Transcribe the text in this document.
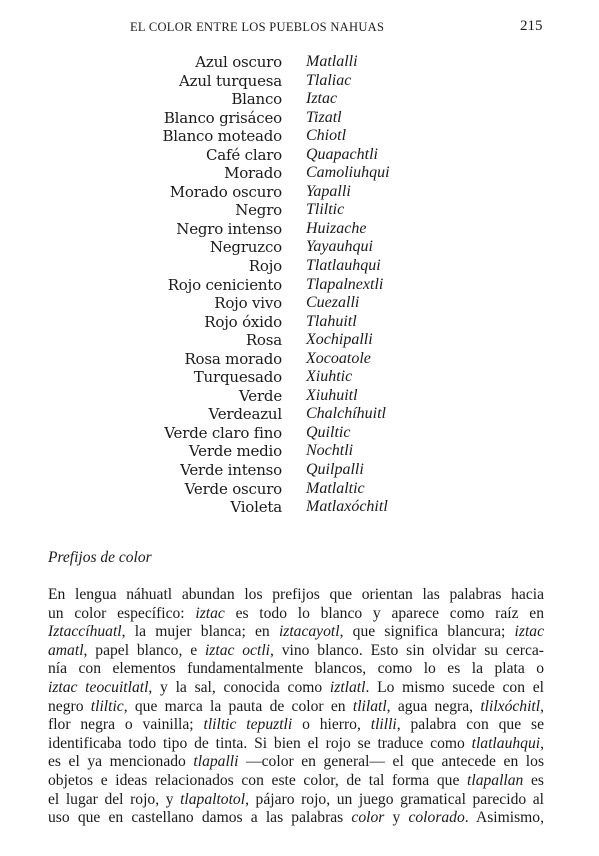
EL COLOR ENTRE LOS PUEBLOS NAHUAS	215
Azul oscuro Matlalli
Azul turquesa Tlaliac
Blanco Iztac
Blanco grisáceo Tizatl
Blanco moteado Chiotl
Café claro Quapachtli
Morado Camoliuhqui
Morado oscuro Yapalli
Negro Tliltic
Negro intenso Huizache
Negruzco Yayauhqui
Rojo Tlatlauhqui
Rojo ceniciento Tlapalnextli
Rojo vivo Cuezalli
Rojo óxido Tlahuitl
Rosa Xochipalli
Rosa morado Xocoatole
Turquesado Xiuhtic
Verde Xiuhuitl
Verdeazul Chalchíhuitl
Verde claro fino Quiltic
Verde medio Nochtli
Verde intenso Quilpalli
Verde oscuro Matlaltic
Violeta Matlaxóchitl
Prefijos de color
En lengua náhuatl abundan los prefijos que orientan las palabras hacia
un color específico: iztac es todo lo blanco y aparece como raíz en
Iztaccíhuatl, la mujer blanca; en iztacayotl, que significa blancura; iztac
amatl, papel blanco, e iztac octli, vino blanco. Esto sin olvidar su cerca-
nía con elementos fundamentalmente blancos, como lo es la plata o
iztac teocuitlatl, y la sal, conocida como iztlatl. Lo mismo sucede con el
negro tliltic, que marca la pauta de color en tlilatl, agua negra, tlilxóchitl,
flor negra o vainilla; tliltic tepuztli o hierro, tlilli, palabra con que se
identificaba todo tipo de tinta. Si bien el rojo se traduce como tlatlauhqui,
es el ya mencionado tlapalli —color en general— el que antecede en los
objetos e ideas relacionados con este color, de tal forma que tlapallan es
el lugar del rojo, y tlapaltotol, pájaro rojo, un juego gramatical parecido al
uso que en castellano damos a las palabras color y colorado. Asimismo,
